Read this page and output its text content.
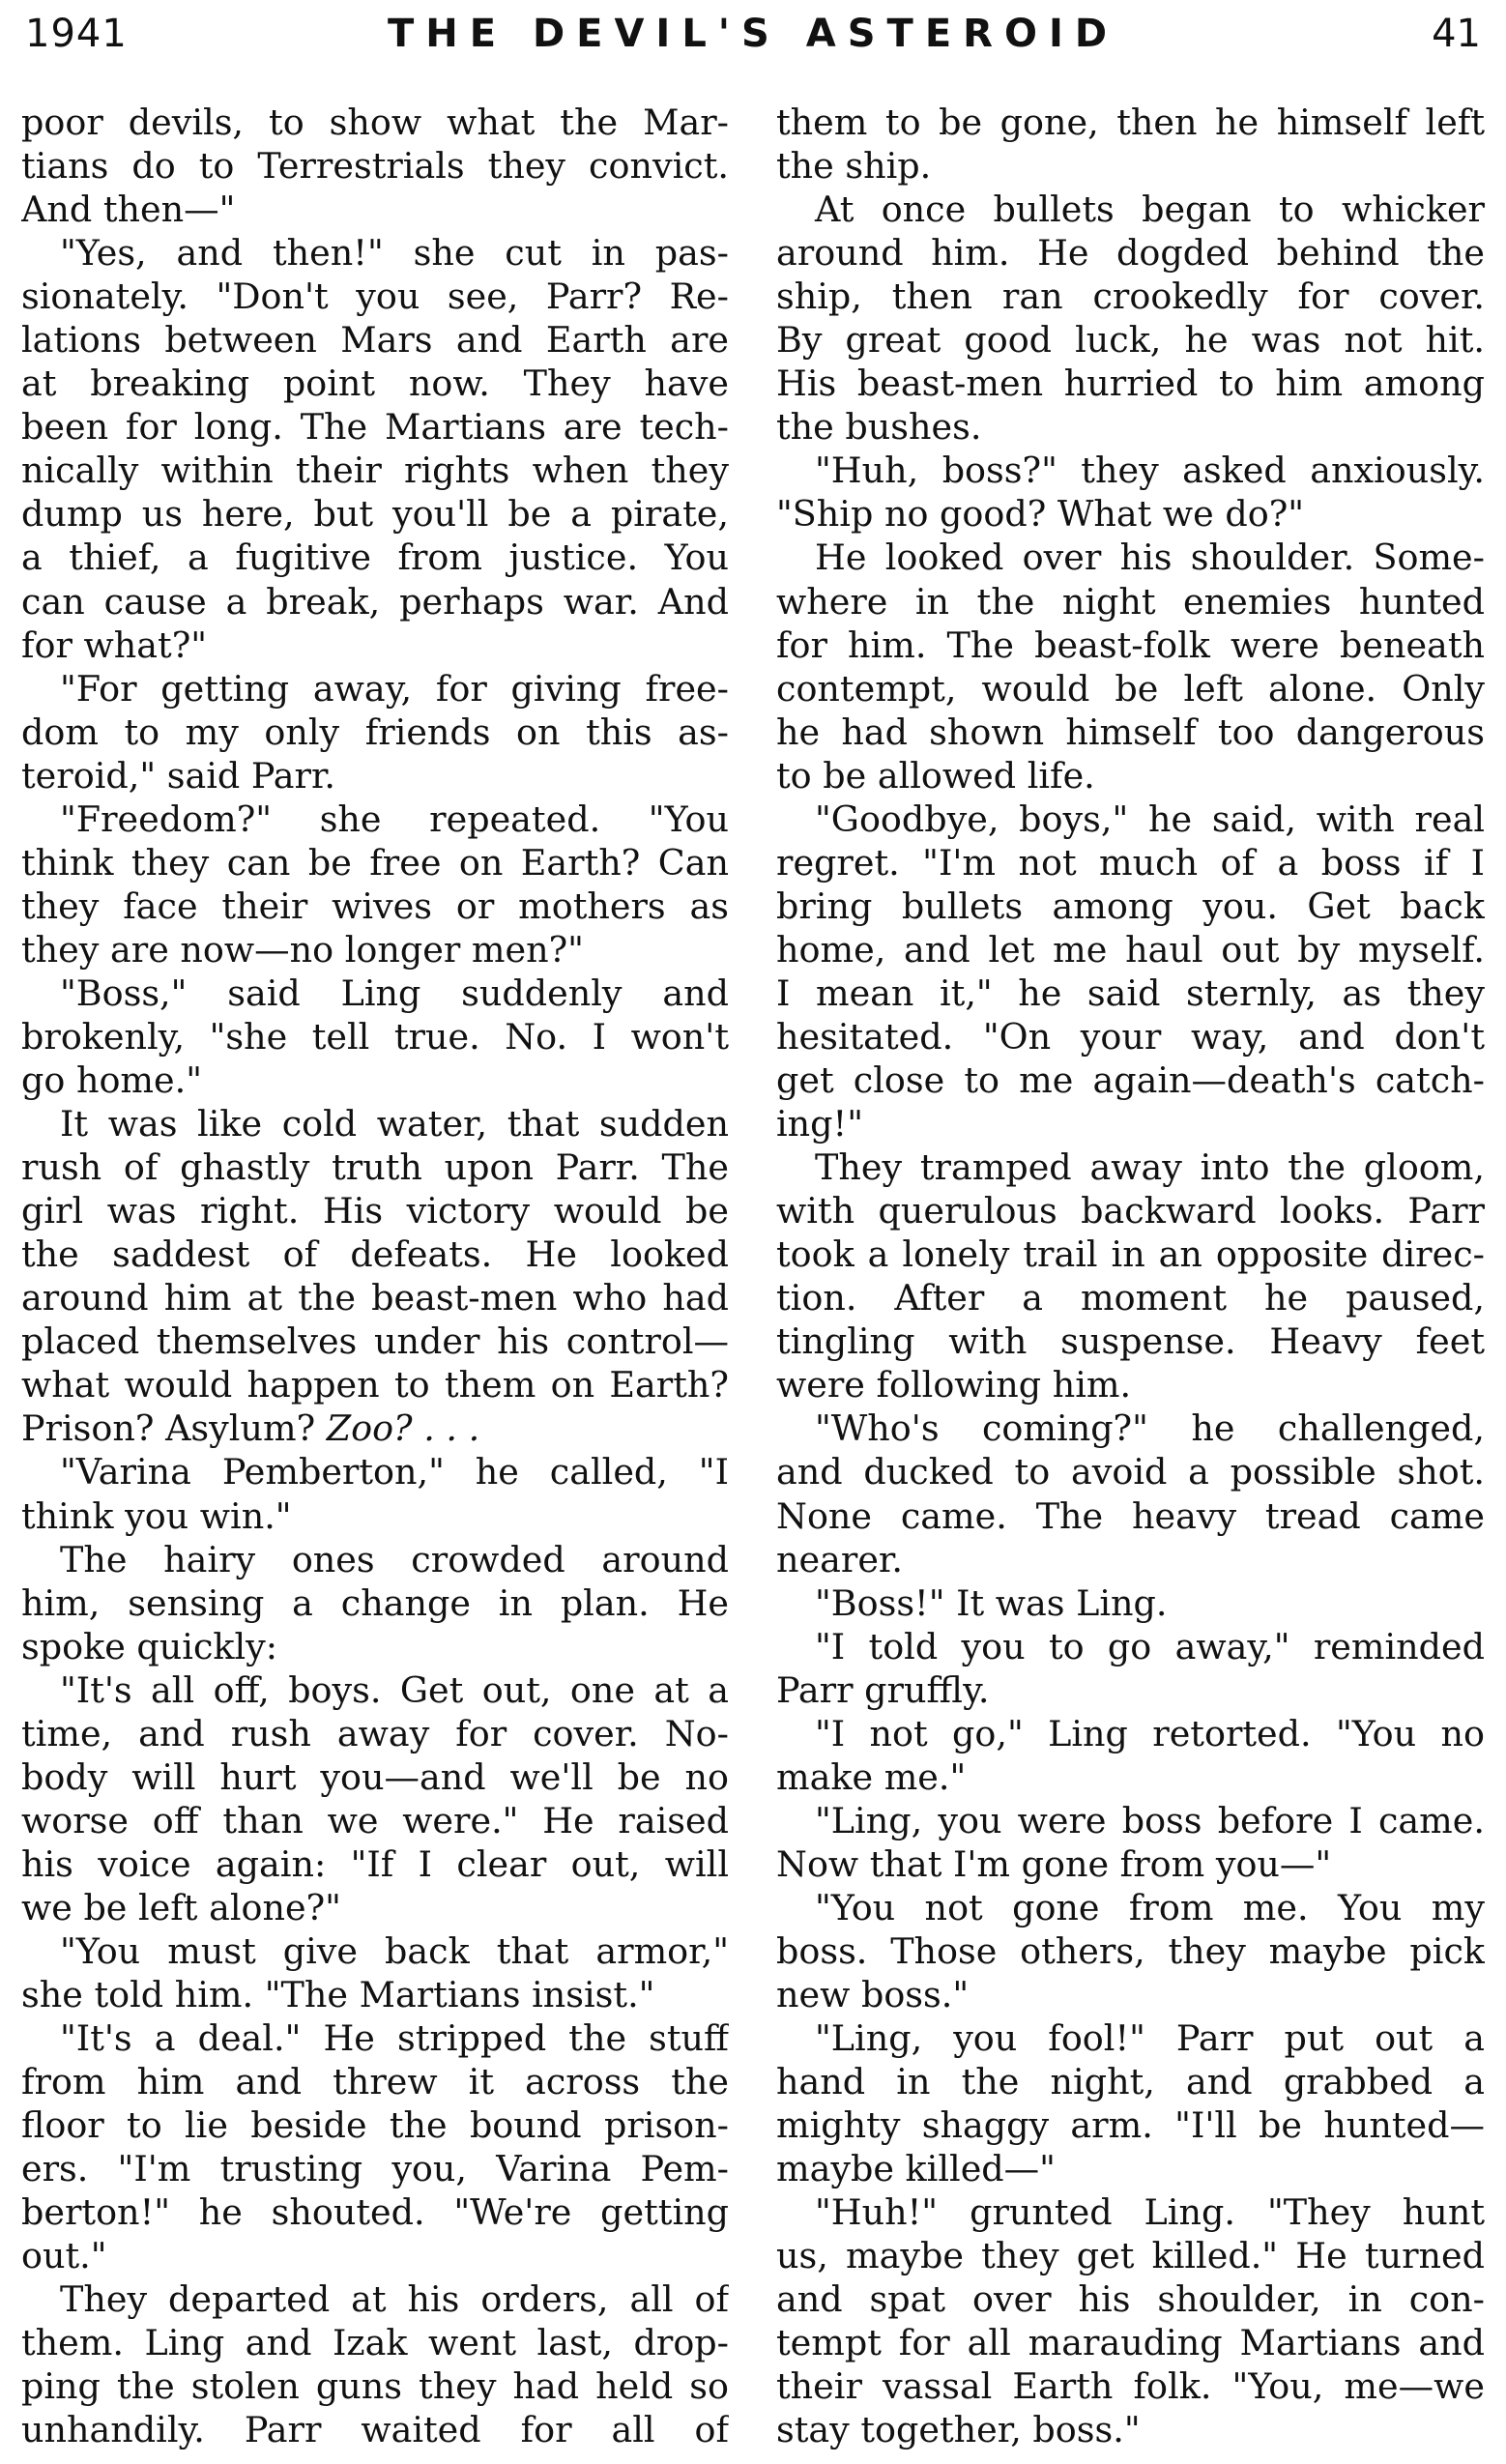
1941	THE DEVIL'S ASTEROID	41
poor devils, to show what the Mar-
tians do to Terrestrials they convict.
And then—"
"Yes, and then!" she cut in pas-
sionately. "Don't you see, Parr? Re-
lations between Mars and Earth are
at breaking point now. They have
been for long. The Martians are tech-
nically within their rights when they
dump us here, but you'll be a pirate,
a thief, a fugitive from justice. You
can cause a break, perhaps war. And
for what?"
"For getting away, for giving free-
dom to my only friends on this as-
teroid," said Parr.
"Freedom?" she repeated. "You
think they can be free on Earth? Can
they face their wives or mothers as
they are now—no longer men?"
"Boss," said Ling suddenly and
brokenly, "she tell true. No. I won't
go home."
It was like cold water, that sudden
rush of ghastly truth upon Parr. The
girl was right. His victory would be
the saddest of defeats. He looked
around him at the beast-men who had
placed themselves under his control—
what would happen to them on Earth?
Prison? Asylum? Zoo? . . .
"Varina Pemberton," he called, "I
think you win."
The hairy ones crowded around
him, sensing a change in plan. He
spoke quickly:
"It's all off, boys. Get out, one at a
time, and rush away for cover. No-
body will hurt you—and we'll be no
worse off than we were." He raised
his voice again: "If I clear out, will
we be left alone?"
"You must give back that armor,"
she told him. "The Martians insist."
"It's a deal." He stripped the stuff
from him and threw it across the
floor to lie beside the bound prison-
ers. "I'm trusting you, Varina Pem-
berton!" he shouted. "We're getting
out."
They departed at his orders, all of
them. Ling and Izak went last, drop-
ping the stolen guns they had held so
unhandily. Parr waited for all of
them to be gone, then he himself left
the ship.
At once bullets began to whicker
around him. He dogded behind the
ship, then ran crookedly for cover.
By great good luck, he was not hit.
His beast-men hurried to him among
the bushes.
"Huh, boss?" they asked anxiously.
"Ship no good? What we do?"
He looked over his shoulder. Some-
where in the night enemies hunted
for him. The beast-folk were beneath
contempt, would be left alone. Only
he had shown himself too dangerous
to be allowed life.
"Goodbye, boys," he said, with real
regret. "I'm not much of a boss if I
bring bullets among you. Get back
home, and let me haul out by myself.
I mean it," he said sternly, as they
hesitated. "On your way, and don't
get close to me again—death's catch-
ing!"
They tramped away into the gloom,
with querulous backward looks. Parr
took a lonely trail in an opposite direc-
tion. After a moment he paused,
tingling with suspense. Heavy feet
were following him.
"Who's coming?" he challenged,
and ducked to avoid a possible shot.
None came. The heavy tread came
nearer.
"Boss!" It was Ling.
"I told you to go away," reminded
Parr gruffly.
"I not go," Ling retorted. "You no
make me."
"Ling, you were boss before I came.
Now that I'm gone from you—"
"You not gone from me. You my
boss. Those others, they maybe pick
new boss."
"Ling, you fool!" Parr put out a
hand in the night, and grabbed a
mighty shaggy arm. "I'll be hunted—
maybe killed—"
"Huh!" grunted Ling. "They hunt
us, maybe they get killed." He turned
and spat over his shoulder, in con-
tempt for all marauding Martians and
their vassal Earth folk. "You, me—we
stay together, boss."
